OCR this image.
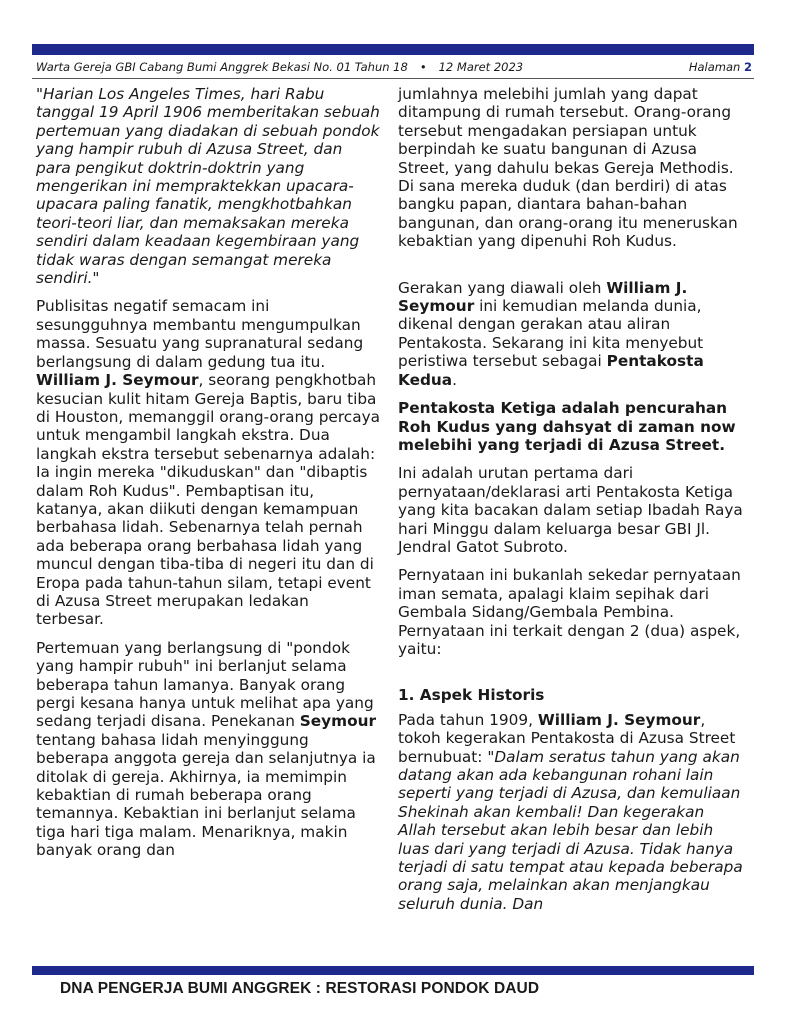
Warta Gereja GBI Cabang Bumi Anggrek Bekasi No. 01 Tahun 18 • 12 Maret 2023	Halaman 2

"Harian Los Angeles Times, hari Rabu tanggal 19 April 1906 memberitakan sebuah pertemuan yang diadakan di sebuah pondok yang hampir rubuh di Azusa Street, dan para pengikut doktrin-doktrin yang mengerikan ini mempraktekkan upacara-upacara paling fanatik, mengkhotbahkan teori-teori liar, dan memaksakan mereka sendiri dalam keadaan kegembiraan yang tidak waras dengan semangat mereka sendiri."

Publisitas negatif semacam ini sesungguhnya membantu mengumpulkan massa. Sesuatu yang supranatural sedang berlangsung di dalam gedung tua itu. William J. Seymour, seorang pengkhotbah kesucian kulit hitam Gereja Baptis, baru tiba di Houston, memanggil orang-orang percaya untuk mengambil langkah ekstra. Dua langkah ekstra tersebut sebenarnya adalah: Ia ingin mereka "dikuduskan" dan "dibaptis dalam Roh Kudus". Pembaptisan itu, katanya, akan diikuti dengan kemampuan berbahasa lidah. Sebenarnya telah pernah ada beberapa orang berbahasa lidah yang muncul dengan tiba-tiba di negeri itu dan di Eropa pada tahun-tahun silam, tetapi event di Azusa Street merupakan ledakan terbesar.

Pertemuan yang berlangsung di "pondok yang hampir rubuh" ini berlanjut selama beberapa tahun lamanya. Banyak orang pergi kesana hanya untuk melihat apa yang sedang terjadi disana. Penekanan Seymour tentang bahasa lidah menyinggung beberapa anggota gereja dan selanjutnya ia ditolak di gereja. Akhirnya, ia memimpin kebaktian di rumah beberapa orang temannya. Kebaktian ini berlanjut selama tiga hari tiga malam. Menariknya, makin banyak orang dan

jumlahnya melebihi jumlah yang dapat ditampung di rumah tersebut. Orang-orang tersebut mengadakan persiapan untuk berpindah ke suatu bangunan di Azusa Street, yang dahulu bekas Gereja Methodis. Di sana mereka duduk (dan berdiri) di atas bangku papan, diantara bahan-bahan bangunan, dan orang-orang itu meneruskan kebaktian yang dipenuhi Roh Kudus.

Gerakan yang diawali oleh William J. Seymour ini kemudian melanda dunia, dikenal dengan gerakan atau aliran Pentakosta. Sekarang ini kita menyebut peristiwa tersebut sebagai Pentakosta Kedua.

Pentakosta Ketiga adalah pencurahan Roh Kudus yang dahsyat di zaman now melebihi yang terjadi di Azusa Street.

Ini adalah urutan pertama dari pernyataan/deklarasi arti Pentakosta Ketiga yang kita bacakan dalam setiap Ibadah Raya hari Minggu dalam keluarga besar GBI Jl. Jendral Gatot Subroto.

Pernyataan ini bukanlah sekedar pernyataan iman semata, apalagi klaim sepihak dari Gembala Sidang/Gembala Pembina. Pernyataan ini terkait dengan 2 (dua) aspek, yaitu:

1. Aspek Historis

Pada tahun 1909, William J. Seymour, tokoh kegerakan Pentakosta di Azusa Street bernubuat: "Dalam seratus tahun yang akan datang akan ada kebangunan rohani lain seperti yang terjadi di Azusa, dan kemuliaan Shekinah akan kembali! Dan kegerakan Allah tersebut akan lebih besar dan lebih luas dari yang terjadi di Azusa. Tidak hanya terjadi di satu tempat atau kepada beberapa orang saja, melainkan akan menjangkau seluruh dunia. Dan

DNA PENGERJA BUMI ANGGREK : RESTORASI PONDOK DAUD
